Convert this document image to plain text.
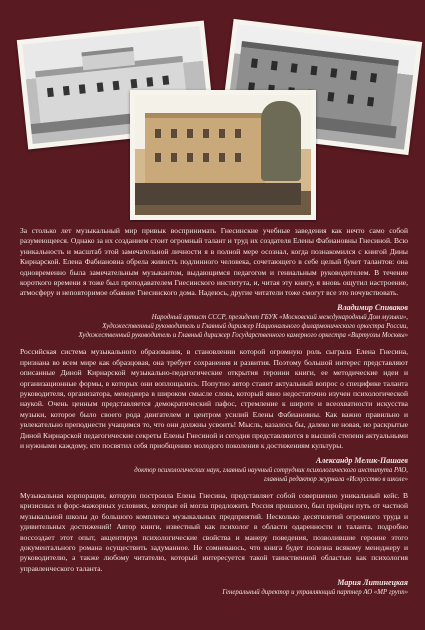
За столько лет музыкальный мир привык воспринимать Гнесинские учебные заведения как нечто само собой разумеющееся. Однако за их созданием стоит огромный талант и труд их создателя Елены Фабиановны Гнесиной. Всю уникальность и масштаб этой замечательной личности я в полной мере осознал, когда познакомился с книгой Дины Кирнарской. Елена Фабиановна обрела живость подлинного человека, сочетающего в себе целый букет талантов: она одновременно была замечательным музыкантом, выдающимся педагогом и гениальным руководителем. В течение короткого времени я тоже был преподавателем Гнесинского института, и, читая эту книгу, я вновь ощутил настроение, атмосферу и неповторимое обаяние Гнесинского дома. Надеюсь, другие читатели тоже смогут все это почувствовать.

Владимир Спиваков
Народный артист СССР, президент ГБУК «Московский международный Дом музыки»,
Художественный руководитель и Главный дирижер Национального филармонического оркестра России,
Художественный руководитель и Главный дирижер Государственного камерного оркестра «Виртуозы Москвы»

Российская система музыкального образования, в становлении которой огромную роль сыграла Елена Гнесина, признана во всем мире как образцовая, она требует сохранения и развития. Поэтому большой интерес представляют описанные Диной Кирнарской музыкально-педагогические открытия героини книги, ее методические идеи и организационные формы, в которых они воплощались. Попутно автор ставит актуальный вопрос о специфике таланта руководителя, организатора, менеджера в широком смысле слова, который явно недостаточно изучен психологической наукой. Очень ценным представляется демократический пафос, стремление к широте и всеохватности искусства музыки, которое было своего рода двигателем и центром усилий Елены Фабиановны. Как важно правильно и увлекательно преподнести учащимся то, что они должны усвоить! Мысль, казалось бы, далеко не новая, но раскрытые Диной Кирнарской педагогические секреты Елены Гнесиной и сегодня представляются в высшей степени актуальными и нужными каждому, кто посвятил себя приобщению молодого поколения к достижениям культуры.

Александр Мелик-Пашаев
доктор психологических наук, главный научный сотрудник психологического института РАО,
главный редактор журнала «Искусство в школе»

Музыкальная корпорация, которую построила Елена Гнесина, представляет собой совершенно уникальный кейс. В кризисных и форс-мажорных условиях, которые ей могла предложить Россия прошлого, был пройден путь от частной музыкальной школы до большого комплекса музыкальных предприятий. Несколько десятилетий огромного труда и удивительных достижений! Автор книги, известный как психолог в области одаренности и таланта, подробно воссоздает этот опыт, акцентируя психологические свойства и манеру поведения, позволившие героине этого документального романа осуществить задуманное. Не сомневаюсь, что книга будет полезна всякому менеджеру и руководителю, а также любому читателю, который интересуется такой таинственной областью как психология управленческого таланта.

Мария Литинецкая
Генеральный директор и управляющий партнер АО «МР групп»
